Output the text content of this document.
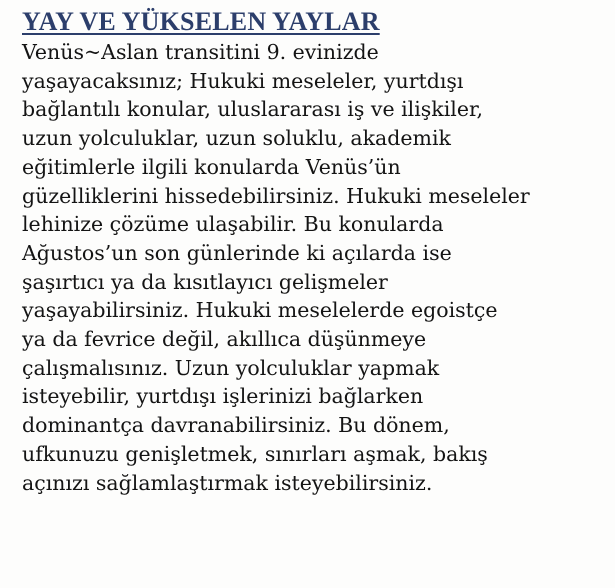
YAY VE YÜKSELEN YAYLAR

Venüs~Aslan transitini 9. evinizde
yaşayacaksınız; Hukuki meseleler, yurtdışı
bağlantılı konular, uluslararası iş ve ilişkiler,
uzun yolculuklar, uzun soluklu, akademik
eğitimlerle ilgili konularda Venüs’ün
güzelliklerini hissedebilirsiniz. Hukuki meseleler
lehinize çözüme ulaşabilir. Bu konularda
Ağustos’un son günlerinde ki açılarda ise
şaşırtıcı ya da kısıtlayıcı gelişmeler
yaşayabilirsiniz. Hukuki meselelerde egoistçe
ya da fevrice değil, akıllıca düşünmeye
çalışmalısınız. Uzun yolculuklar yapmak
isteyebilir, yurtdışı işlerinizi bağlarken
dominantça davranabilirsiniz. Bu dönem,
ufkunuzu genişletmek, sınırları aşmak, bakış
açınızı sağlamlaştırmak isteyebilirsiniz.
